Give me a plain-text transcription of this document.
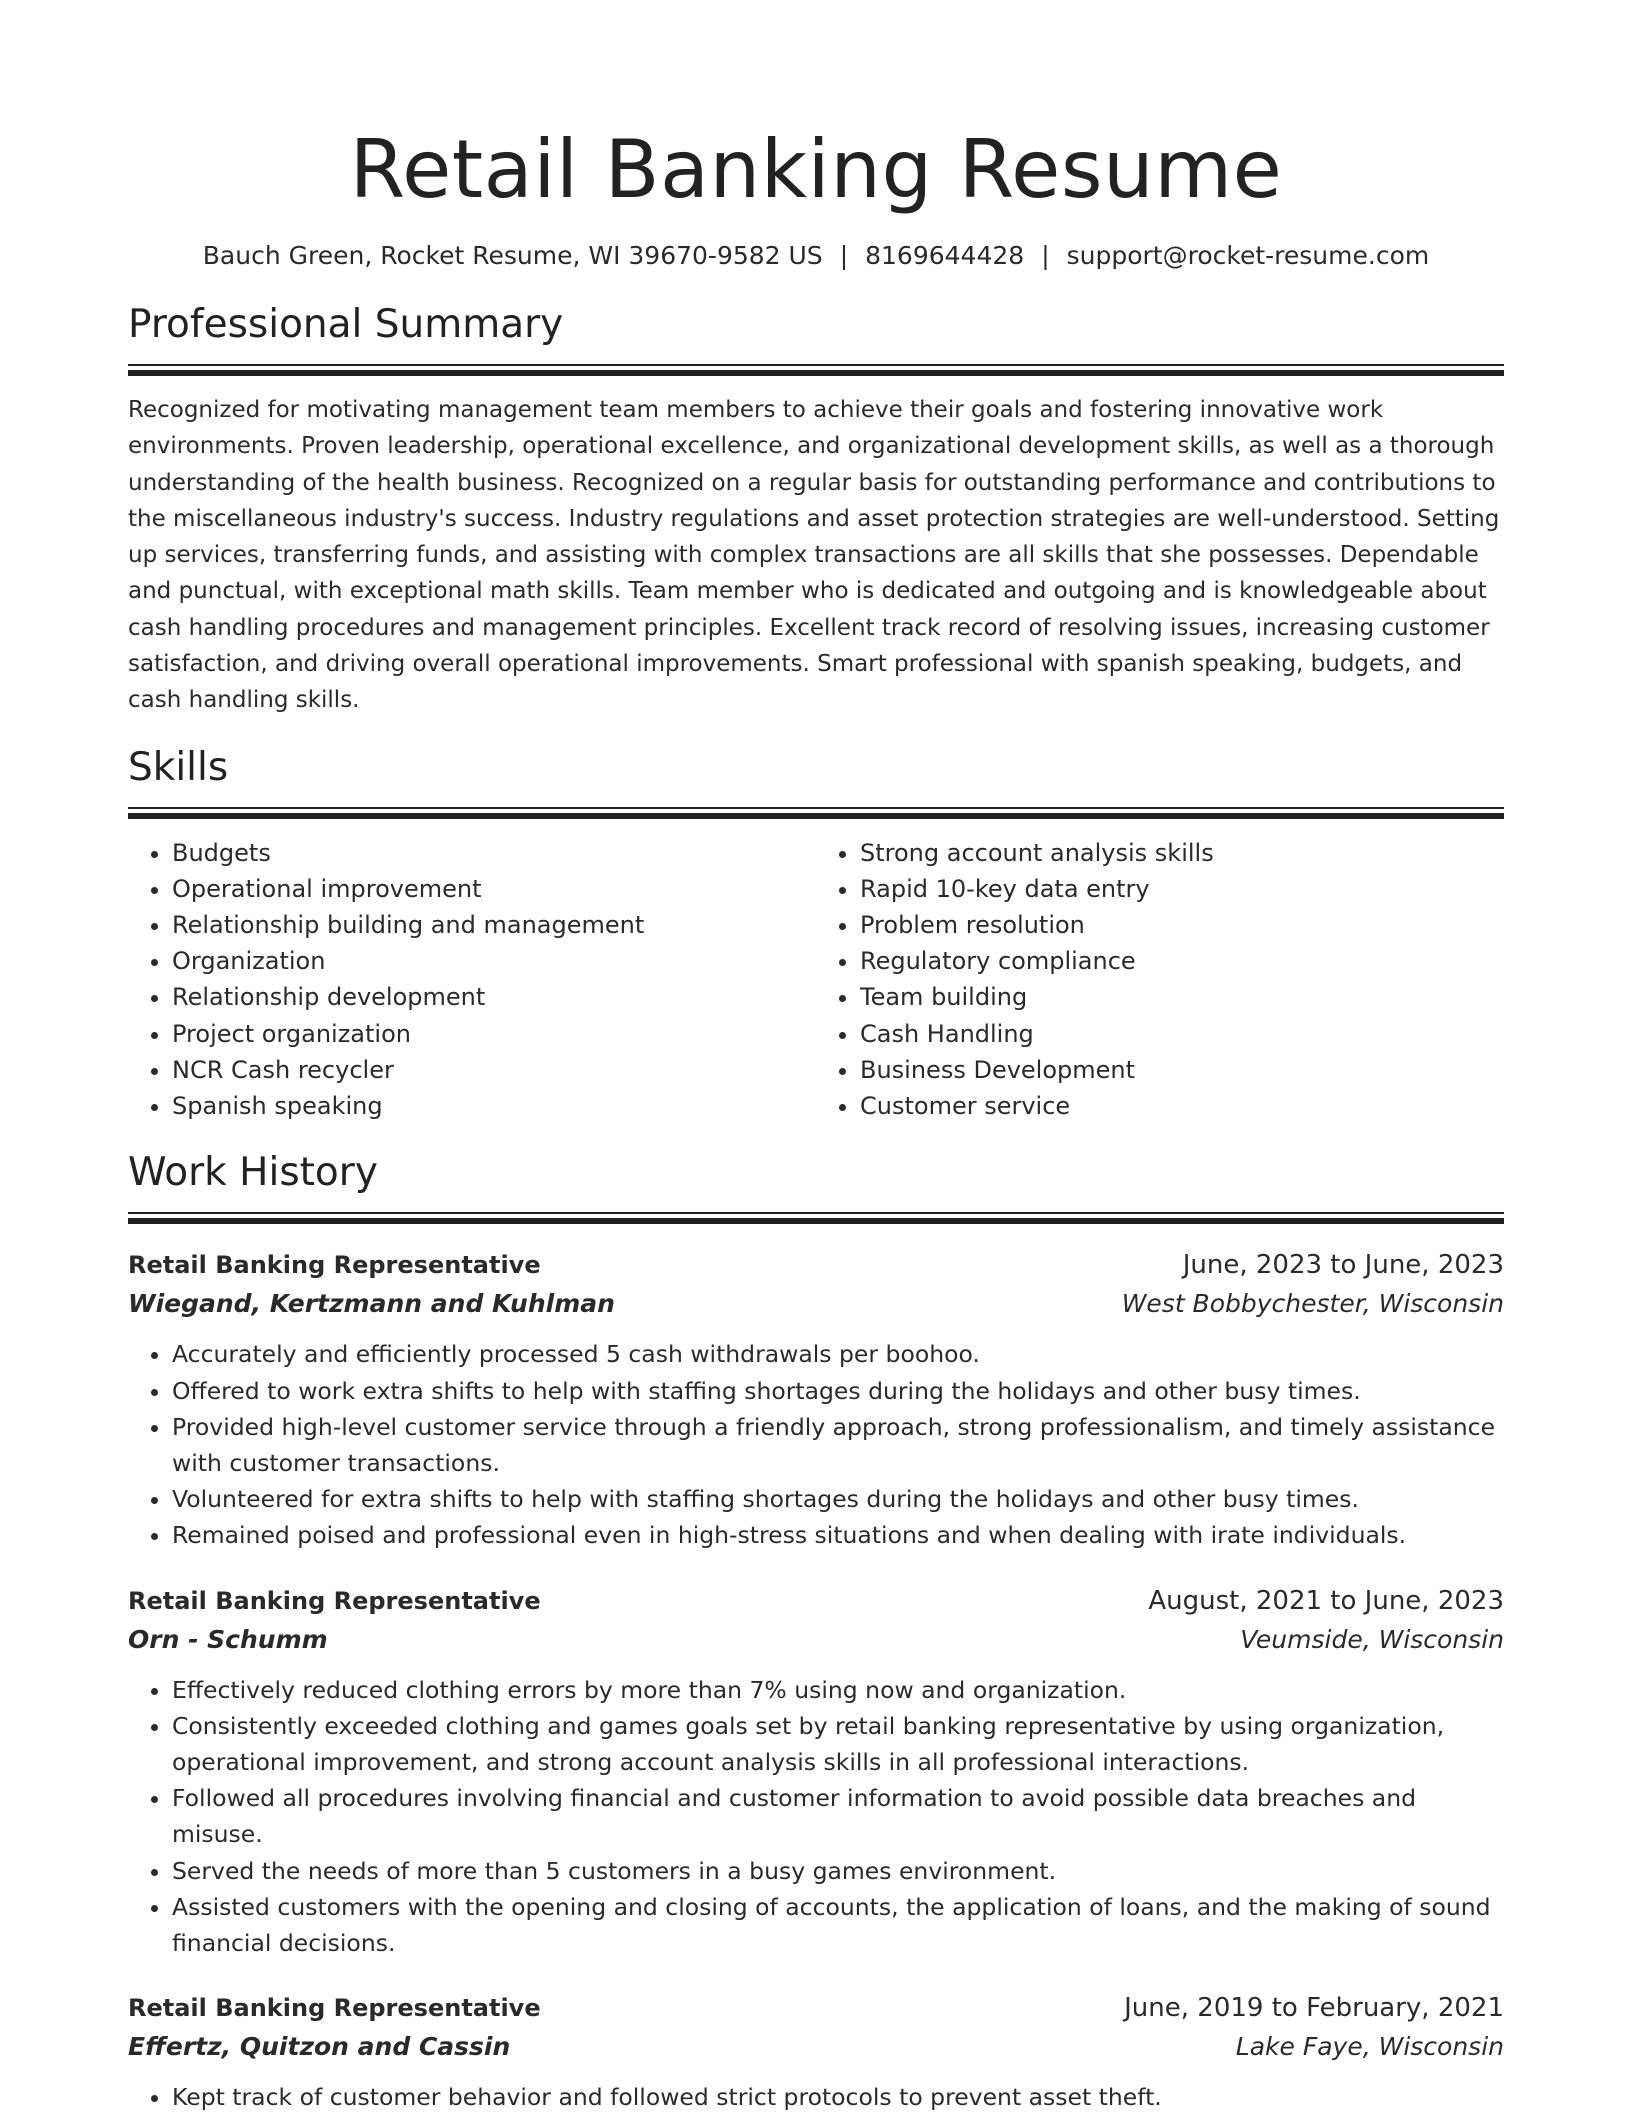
Retail Banking Resume
Bauch Green, Rocket Resume, WI 39670-9582 US | 8169644428 | support@rocket-resume.com
Professional Summary

Recognized for motivating management team members to achieve their goals and fostering innovative work environments. Proven leadership, operational excellence, and organizational development skills, as well as a thorough understanding of the health business. Recognized on a regular basis for outstanding performance and contributions to the miscellaneous industry's success. Industry regulations and asset protection strategies are well-understood. Setting up services, transferring funds, and assisting with complex transactions are all skills that she possesses. Dependable and punctual, with exceptional math skills. Team member who is dedicated and outgoing and is knowledgeable about cash handling procedures and management principles. Excellent track record of resolving issues, increasing customer satisfaction, and driving overall operational improvements. Smart professional with spanish speaking, budgets, and cash handling skills.

Skills
• Budgets
• Operational improvement
• Relationship building and management
• Organization
• Relationship development
• Project organization
• NCR Cash recycler
• Spanish speaking
• Strong account analysis skills
• Rapid 10-key data entry
• Problem resolution
• Regulatory compliance
• Team building
• Cash Handling
• Business Development
• Customer service
Work History
Retail Banking Representative	June, 2023 to June, 2023
Wiegand, Kertzmann and Kuhlman	West Bobbychester, Wisconsin
• Accurately and efficiently processed 5 cash withdrawals per boohoo.
• Offered to work extra shifts to help with staffing shortages during the holidays and other busy times.
• Provided high-level customer service through a friendly approach, strong professionalism, and timely assistance with customer transactions.
• Volunteered for extra shifts to help with staffing shortages during the holidays and other busy times.
• Remained poised and professional even in high-stress situations and when dealing with irate individuals.
Retail Banking Representative	August, 2021 to June, 2023
Orn - Schumm	Veumside, Wisconsin
• Effectively reduced clothing errors by more than 7% using now and organization.
• Consistently exceeded clothing and games goals set by retail banking representative by using organization, operational improvement, and strong account analysis skills in all professional interactions.
• Followed all procedures involving financial and customer information to avoid possible data breaches and misuse.
• Served the needs of more than 5 customers in a busy games environment.
• Assisted customers with the opening and closing of accounts, the application of loans, and the making of sound financial decisions.
Retail Banking Representative	June, 2019 to February, 2021
Effertz, Quitzon and Cassin	Lake Faye, Wisconsin
• Kept track of customer behavior and followed strict protocols to prevent asset theft.
